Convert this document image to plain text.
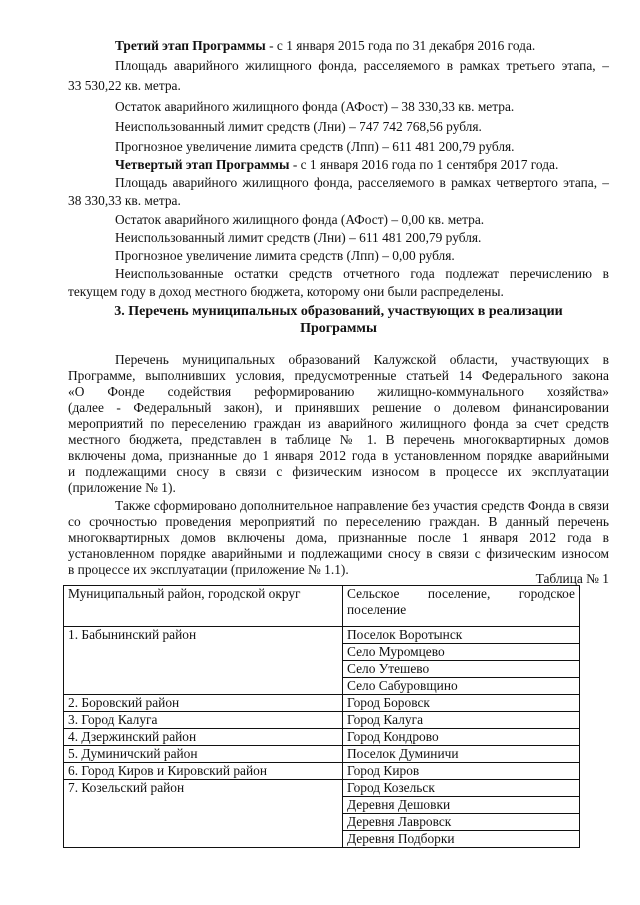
Третий этап Программы - с 1 января 2015 года по 31 декабря 2016 года.
Площадь аварийного жилищного фонда, расселяемого в рамках третьего этапа, –
33 530,22 кв. метра.
Остаток аварийного жилищного фонда (АФост) – 38 330,33 кв. метра.
Неиспользованный лимит средств (Лни) – 747 742 768,56 рубля.
Прогнозное увеличение лимита средств (Лпп) – 611 481 200,79 рубля.
Четвертый этап Программы - с 1 января 2016 года по 1 сентября 2017 года.
Площадь аварийного жилищного фонда, расселяемого в рамках четвертого этапа, –
38 330,33 кв. метра.
Остаток аварийного жилищного фонда (АФост) – 0,00 кв. метра.
Неиспользованный лимит средств (Лни) – 611 481 200,79 рубля.
Прогнозное увеличение лимита средств (Лпп) – 0,00 рубля.
Неиспользованные остатки средств отчетного года подлежат перечислению в
текущем году в доход местного бюджета, которому они были распределены.
3. Перечень муниципальных образований, участвующих в реализации
Программы
Перечень муниципальных образований Калужской области, участвующих в
Программе, выполнивших условия, предусмотренные статьей 14 Федерального закона
«О Фонде содействия реформированию жилищно-коммунального хозяйства»
(далее - Федеральный закон), и принявших решение о долевом финансировании
мероприятий по переселению граждан из аварийного жилищного фонда за счет средств
местного бюджета, представлен в таблице № 1. В перечень многоквартирных домов
включены дома, признанные до 1 января 2012 года в установленном порядке аварийными
и подлежащими сносу в связи с физическим износом в процессе их эксплуатации
(приложение № 1).
Также сформировано дополнительное направление без участия средств Фонда в связи
со срочностью проведения мероприятий по переселению граждан. В данный перечень
многоквартирных домов включены дома, признанные после 1 января 2012 года в
установленном порядке аварийными и подлежащими сносу в связи с физическим износом
в процессе их эксплуатации (приложение № 1.1).
Таблица № 1
Муниципальный район, городской округ	Сельское поселение, городское поселение
1. Бабынинский район	Поселок Воротынск
	Село Муромцево
	Село Утешево
	Село Сабуровщино
2. Боровский район	Город Боровск
3. Город Калуга	Город Калуга
4. Дзержинский район	Город Кондрово
5. Думиничский район	Поселок Думиничи
6. Город Киров и Кировский район	Город Киров
7. Козельский район	Город Козельск
	Деревня Дешовки
	Деревня Лавровск
	Деревня Подборки
